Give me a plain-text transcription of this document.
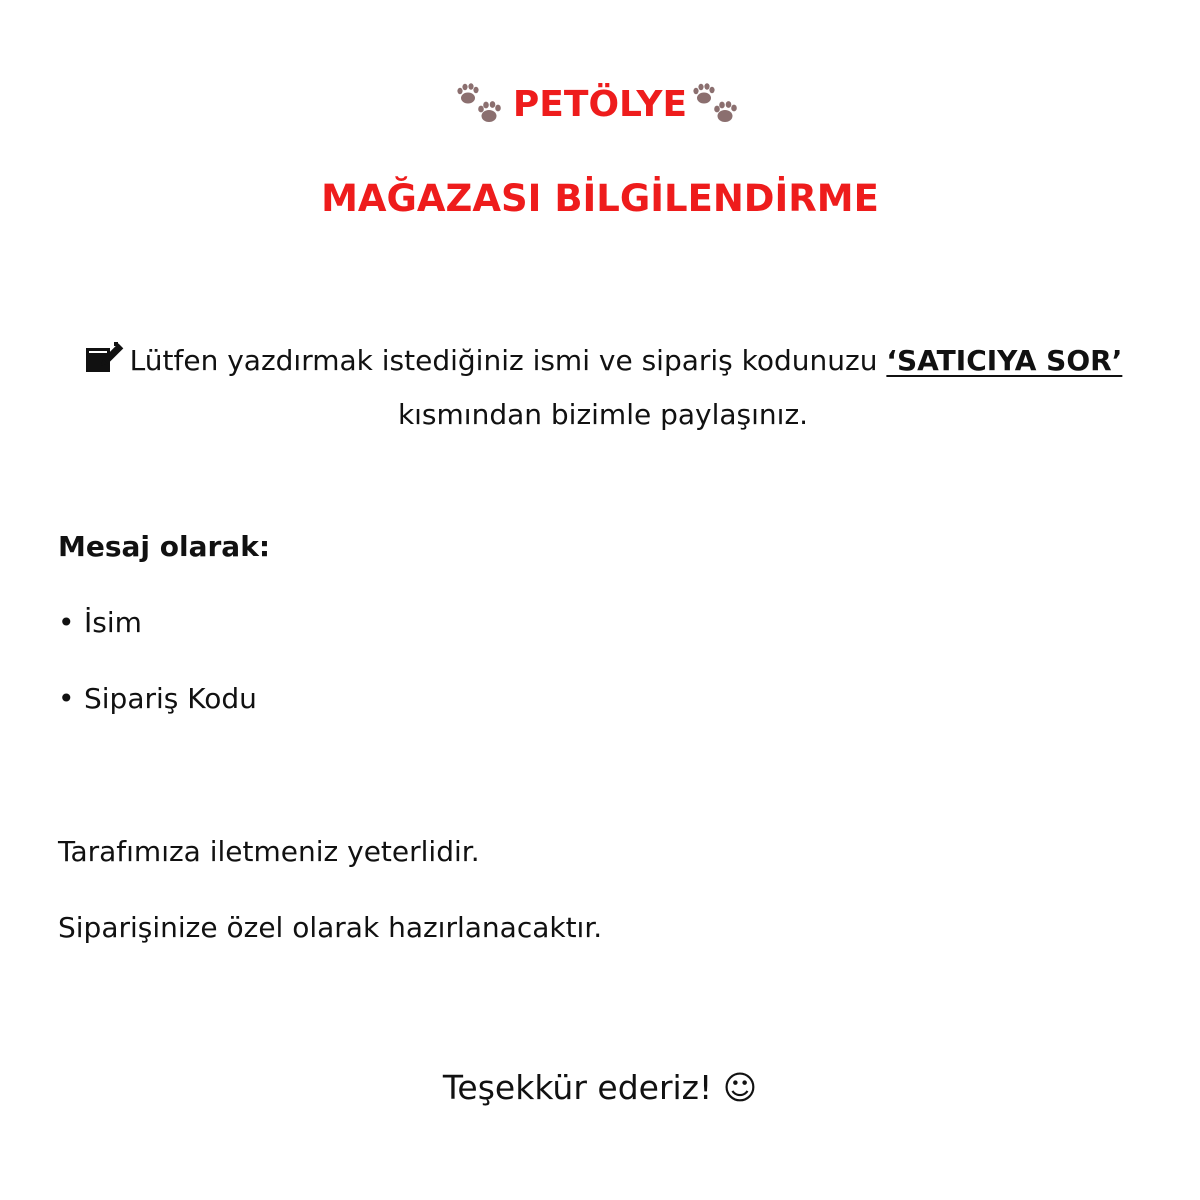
PETÖLYE
MAĞAZASI BİLGİLENDİRME
Lütfen yazdırmak istediğiniz ismi ve sipariş kodunuzu ‘SATICIYA SOR’ kısmından bizimle paylaşınız.
Mesaj olarak:
• İsim
• Sipariş Kodu
Tarafımıza iletmeniz yeterlidir.
Siparişinize özel olarak hazırlanacaktır.
Teşekkür ederiz! ☺
